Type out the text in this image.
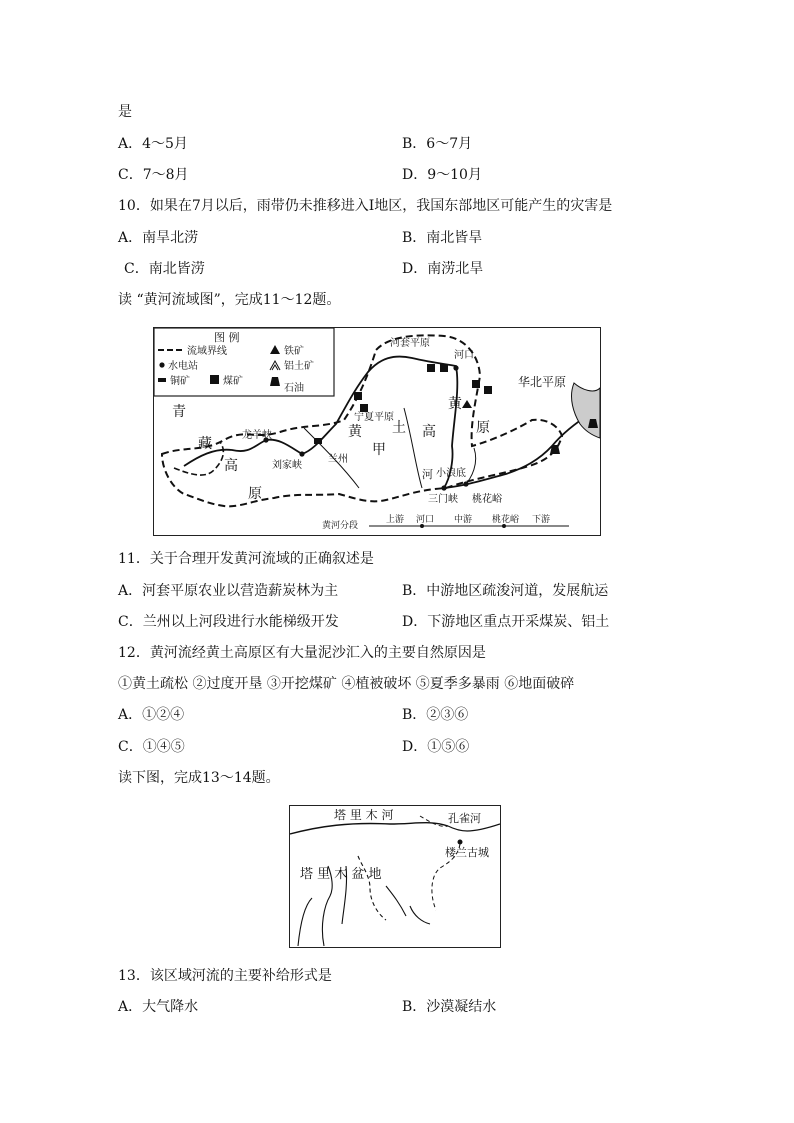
是
A．4～5月	B．6～7月
C．7～8月	D．9～10月
10．如果在7月以后，雨带仍未推移进入Ⅰ地区，我国东部地区可能产生的灾害是
A．南旱北涝	B．南北皆旱
C．南北皆涝	D．南涝北旱
读 “黄河流域图”，完成11～12题。
图 例
流域界线	铁矿
水电站	铝土矿
铜矿	煤矿
石油
青
藏
高
原
龙羊峡
刘家峡
兰州
河套平原
宁夏平原
黄 土 高
黄
原
甲
河
河口
小浪底
三门峡 桃花峪
华北平原
黄河分段
上游 河口 中游 桃花峪 下游
11．关于合理开发黄河流域的正确叙述是
A．河套平原农业以营造薪炭林为主	B．中游地区疏浚河道，发展航运
C．兰州以上河段进行水能梯级开发	D．下游地区重点开采煤炭、铝土
12．黄河流经黄土高原区有大量泥沙汇入的主要自然原因是
①黄土疏松 ②过度开垦 ③开挖煤矿 ④植被破坏 ⑤夏季多暴雨 ⑥地面破碎
A．①②④	B．②③⑥
C．①④⑤	D．①⑤⑥
读下图，完成13～14题。
塔 里 木 河	孔雀河
楼兰古城
塔 里 木 盆 地
13．该区域河流的主要补给形式是
A．大气降水	B．沙漠凝结水
